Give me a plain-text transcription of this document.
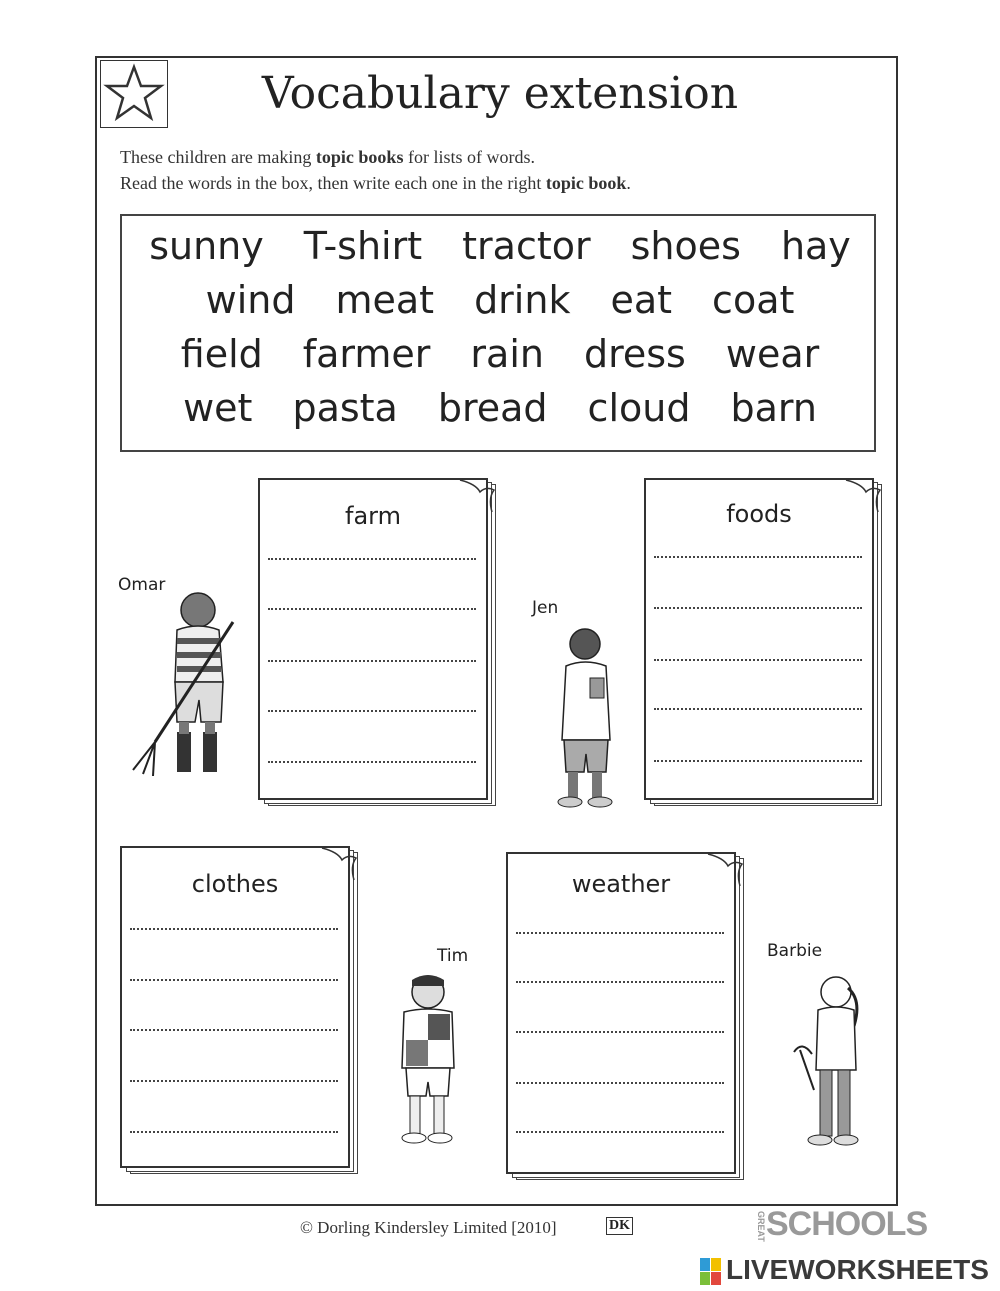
Vocabulary extension
These children are making topic books for lists of words.
Read the words in the box, then write each one in the right topic book.
sunny T-shirt tractor shoes hay
wind meat drink eat coat
field farmer rain dress wear
wet pasta bread cloud barn
farm	foods
clothes	weather
Omar
Jen
Tim	Barbie
© Dorling Kindersley Limited [2010]	DK	GREATSCHOOLS
LIVEWORKSHEETS
